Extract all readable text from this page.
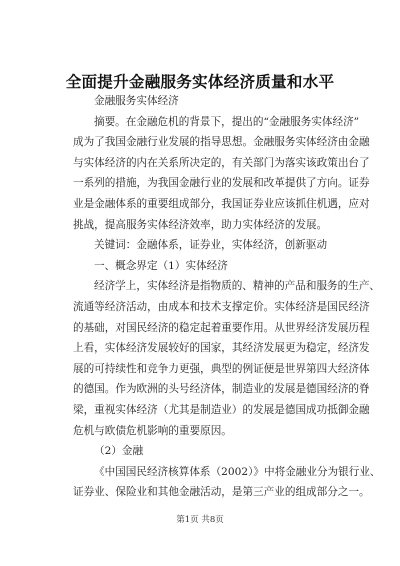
全面提升金融服务实体经济质量和水平
金融服务实体经济
摘要。在金融危机的背景下，提出的“金融服务实体经济”
成为了我国金融行业发展的指导思想。金融服务实体经济由金融
与实体经济的内在关系所决定的，有关部门为落实该政策出台了
一系列的措施，为我国金融行业的发展和改革提供了方向。证券
业是金融体系的重要组成部分，我国证券业应该抓住机遇，应对
挑战，提高服务实体经济效率，助力实体经济的发展。
关键词：金融体系，证券业，实体经济，创新驱动
一、概念界定（1）实体经济
经济学上，实体经济是指物质的、精神的产品和服务的生产、
流通等经济活动，由成本和技术支撑定价。实体经济是国民经济
的基础，对国民经济的稳定起着重要作用。从世界经济发展历程
上看，实体经济发展较好的国家，其经济发展更为稳定，经济发
展的可持续性和竞争力更强，典型的例证便是世界第四大经济体
的德国。作为欧洲的头号经济体，制造业的发展是德国经济的脊
梁，重视实体经济（尤其是制造业）的发展是德国成功抵御金融
危机与欧债危机影响的重要原因。
（2）金融
《中国国民经济核算体系（2002）》中将金融业分为银行业、
证券业、保险业和其他金融活动，是第三产业的组成部分之一。
第1页 共8页
